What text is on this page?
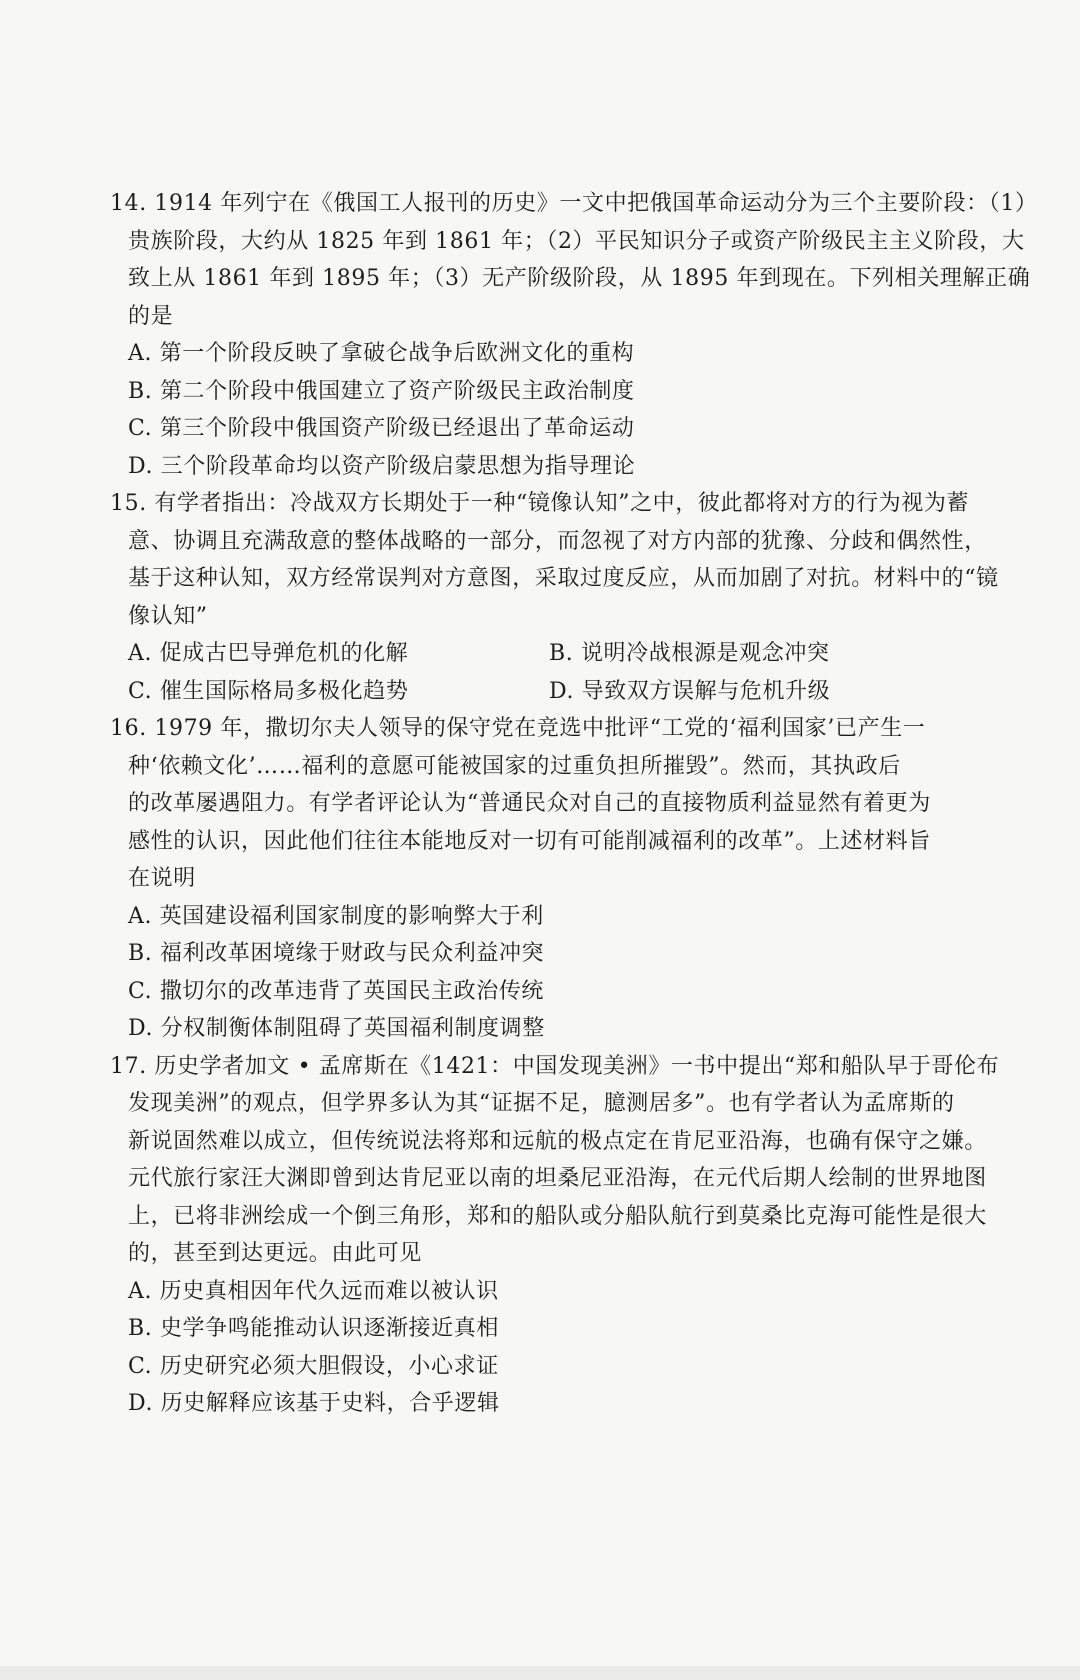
14. 1914 年列宁在《俄国工人报刊的历史》一文中把俄国革命运动分为三个主要阶段：（1）
贵族阶段，大约从 1825 年到 1861 年；（2）平民知识分子或资产阶级民主主义阶段，大
致上从 1861 年到 1895 年；（3）无产阶级阶段，从 1895 年到现在。下列相关理解正确
的是
A. 第一个阶段反映了拿破仑战争后欧洲文化的重构
B. 第二个阶段中俄国建立了资产阶级民主政治制度
C. 第三个阶段中俄国资产阶级已经退出了革命运动
D. 三个阶段革命均以资产阶级启蒙思想为指导理论
15. 有学者指出：冷战双方长期处于一种“镜像认知”之中，彼此都将对方的行为视为蓄
意、协调且充满敌意的整体战略的一部分，而忽视了对方内部的犹豫、分歧和偶然性，
基于这种认知，双方经常误判对方意图，采取过度反应，从而加剧了对抗。材料中的“镜
像认知”
A. 促成古巴导弹危机的化解	B. 说明冷战根源是观念冲突
C. 催生国际格局多极化趋势	D. 导致双方误解与危机升级
16. 1979 年，撒切尔夫人领导的保守党在竞选中批评“工党的‘福利国家’已产生一
种‘依赖文化’……福利的意愿可能被国家的过重负担所摧毁”。然而，其执政后
的改革屡遇阻力。有学者评论认为“普通民众对自己的直接物质利益显然有着更为
感性的认识，因此他们往往本能地反对一切有可能削减福利的改革”。上述材料旨
在说明
A. 英国建设福利国家制度的影响弊大于利
B. 福利改革困境缘于财政与民众利益冲突
C. 撒切尔的改革违背了英国民主政治传统
D. 分权制衡体制阻碍了英国福利制度调整
17. 历史学者加文 • 孟席斯在《1421：中国发现美洲》一书中提出“郑和船队早于哥伦布
发现美洲”的观点，但学界多认为其“证据不足，臆测居多”。也有学者认为孟席斯的
新说固然难以成立，但传统说法将郑和远航的极点定在肯尼亚沿海，也确有保守之嫌。
元代旅行家汪大渊即曾到达肯尼亚以南的坦桑尼亚沿海，在元代后期人绘制的世界地图
上，已将非洲绘成一个倒三角形，郑和的船队或分船队航行到莫桑比克海可能性是很大
的，甚至到达更远。由此可见
A. 历史真相因年代久远而难以被认识
B. 史学争鸣能推动认识逐渐接近真相
C. 历史研究必须大胆假设，小心求证
D. 历史解释应该基于史料，合乎逻辑
